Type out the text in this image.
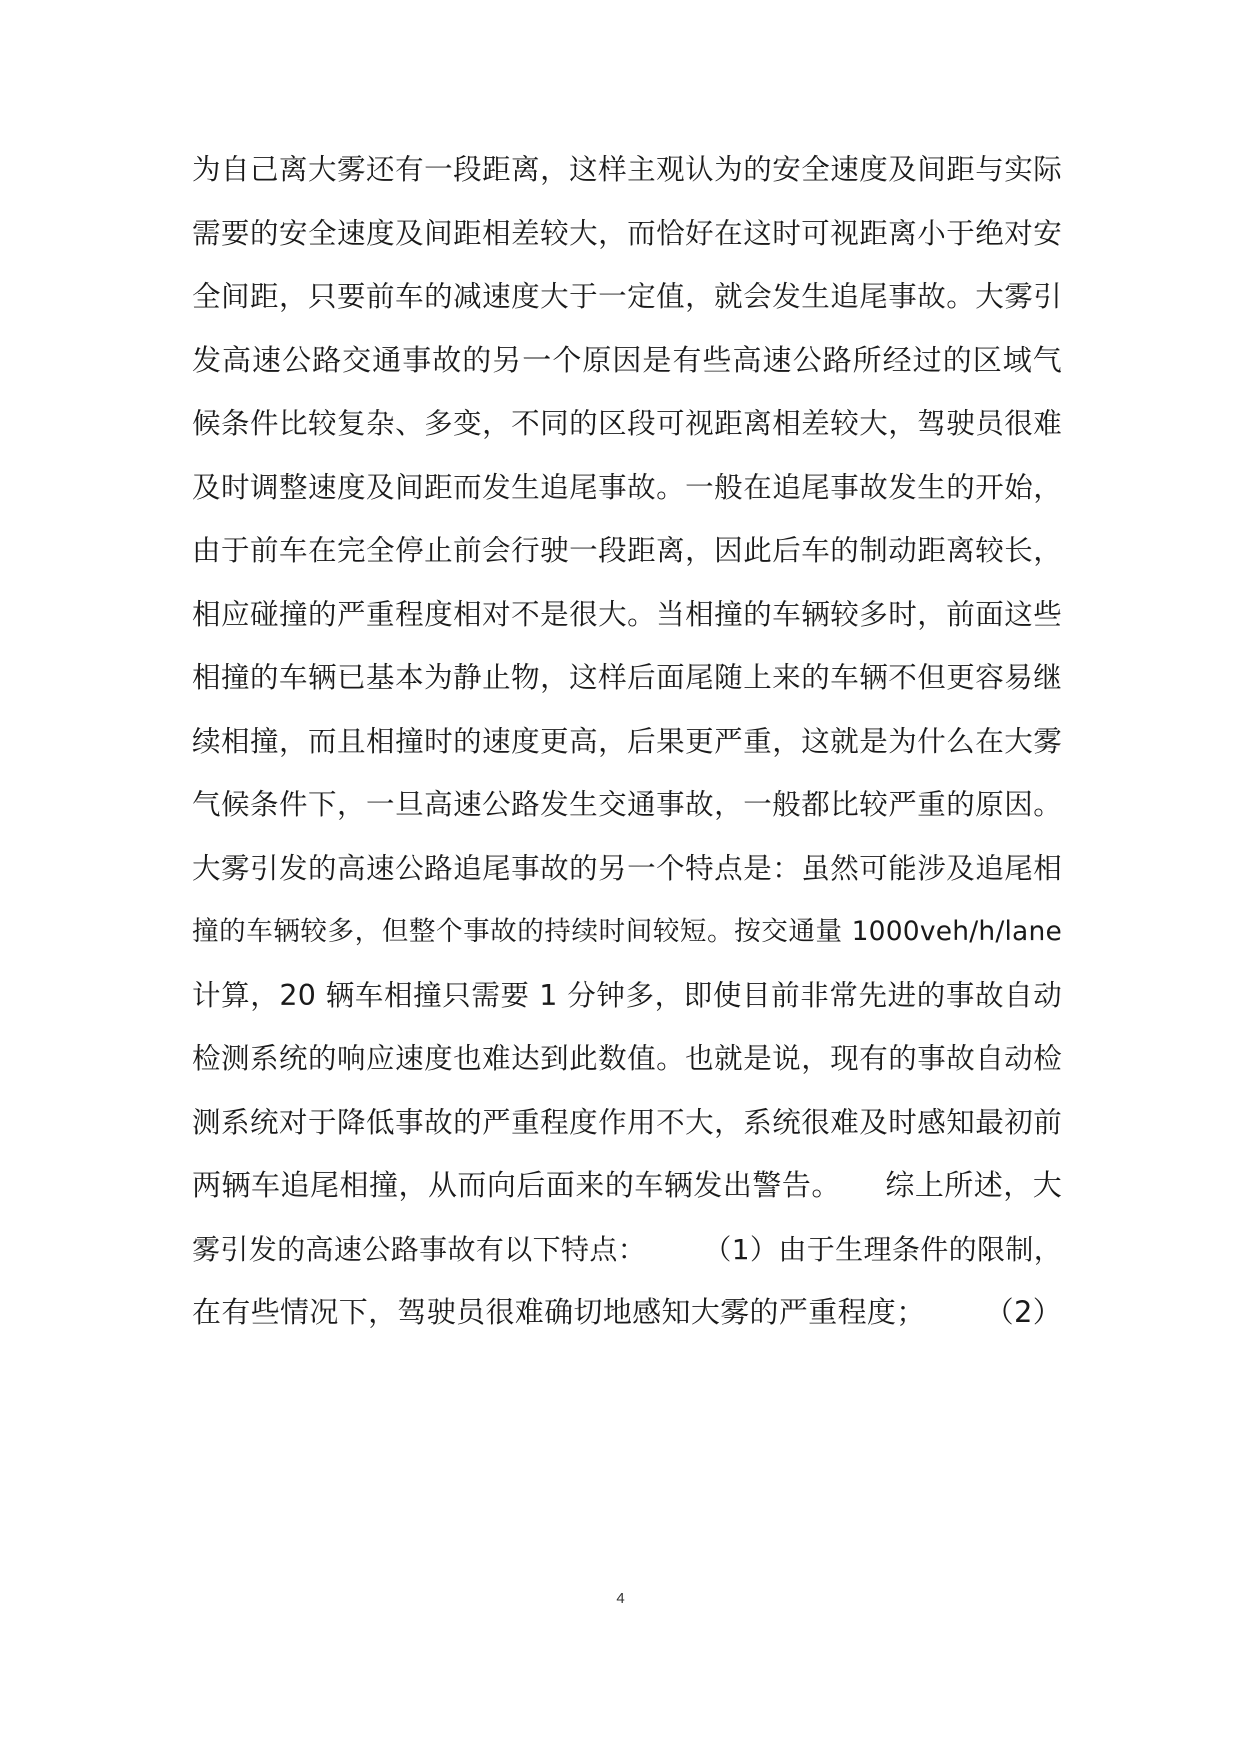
为自己离大雾还有一段距离，这样主观认为的安全速度及间距与实际
需要的安全速度及间距相差较大，而恰好在这时可视距离小于绝对安
全间距，只要前车的减速度大于一定值，就会发生追尾事故。大雾引
发高速公路交通事故的另一个原因是有些高速公路所经过的区域气
候条件比较复杂、多变，不同的区段可视距离相差较大，驾驶员很难
及时调整速度及间距而发生追尾事故。一般在追尾事故发生的开始，
由于前车在完全停止前会行驶一段距离，因此后车的制动距离较长，
相应碰撞的严重程度相对不是很大。当相撞的车辆较多时，前面这些
相撞的车辆已基本为静止物，这样后面尾随上来的车辆不但更容易继
续相撞，而且相撞时的速度更高，后果更严重，这就是为什么在大雾
气候条件下，一旦高速公路发生交通事故，一般都比较严重的原因。
大雾引发的高速公路追尾事故的另一个特点是：虽然可能涉及追尾相
撞的车辆较多，但整个事故的持续时间较短。按交通量 1000veh/h/lane
计算，20 辆车相撞只需要 1 分钟多，即使目前非常先进的事故自动
检测系统的响应速度也难达到此数值。也就是说，现有的事故自动检
测系统对于降低事故的严重程度作用不大，系统很难及时感知最初前
两辆车追尾相撞，从而向后面来的车辆发出警告。　　综上所述，大
雾引发的高速公路事故有以下特点：　　　（1）由于生理条件的限制，
在有些情况下，驾驶员很难确切地感知大雾的严重程度；　　　（2）
4
